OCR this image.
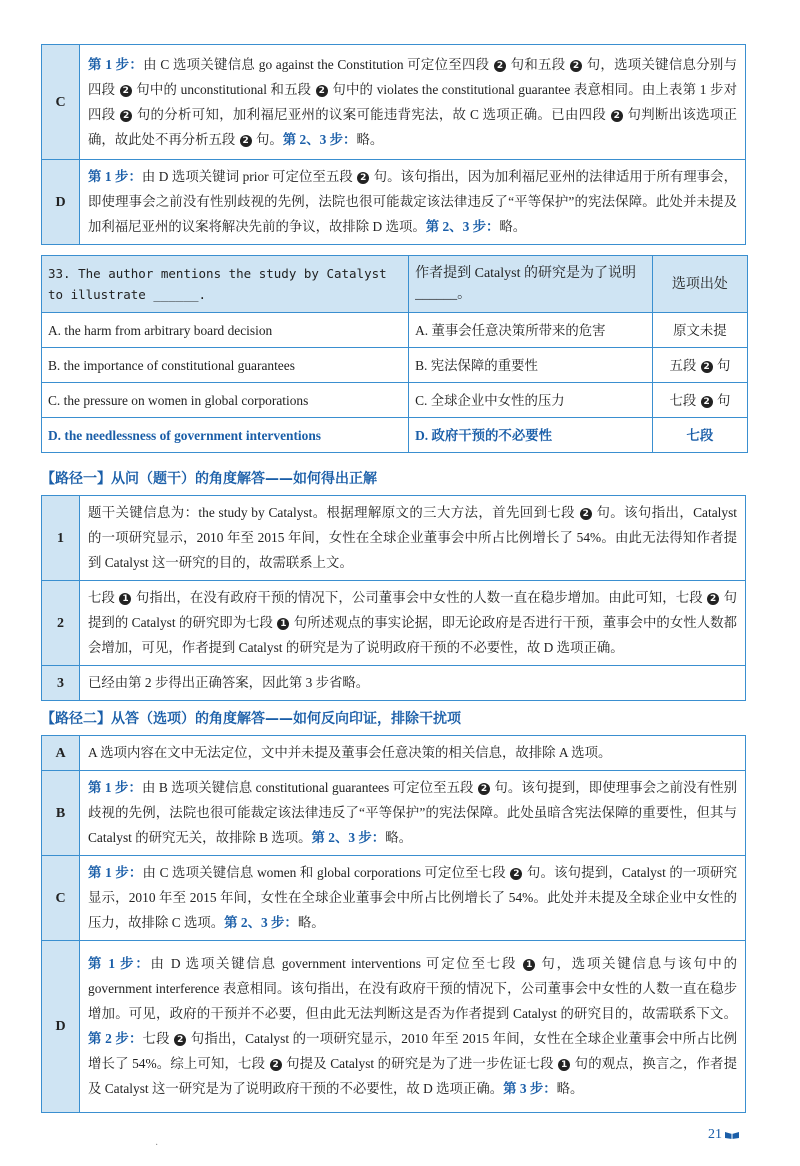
C	第 1 步：由 C 选项关键信息 go against the Constitution 可定位至四段 2 句和五段 2 句，选项关键信息分别与四段 2 句中的 unconstitutional 和五段 2 句中的 violates the constitutional guarantee 表意相同。由上表第 1 步对四段 2 句的分析可知，加利福尼亚州的议案可能违背宪法，故 C 选项正确。已由四段 2 句判断出该选项正确，故此处不再分析五段 2 句。第 2、3 步：略。
D	第 1 步：由 D 选项关键词 prior 可定位至五段 2 句。该句指出，因为加利福尼亚州的法律适用于所有理事会，即使理事会之前没有性别歧视的先例，法院也很可能裁定该法律违反了“平等保护”的宪法保障。此处并未提及加利福尼亚州的议案将解决先前的争议，故排除 D 选项。第 2、3 步：略。
33. The author mentions the study by Catalyst to illustrate ______.	作者提到 Catalyst 的研究是为了说明______。	选项出处
A. the harm from arbitrary board decision	A. 董事会任意决策所带来的危害	原文未提
B. the importance of constitutional guarantees	B. 宪法保障的重要性	五段 2 句
C. the pressure on women in global corporations	C. 全球企业中女性的压力	七段 2 句
D. the needlessness of government interventions	D. 政府干预的不必要性	七段
【路径一】从问（题干）的角度解答——如何得出正解
1	题干关键信息为：the study by Catalyst。根据理解原文的三大方法，首先回到七段 2 句。该句指出，Catalyst 的一项研究显示，2010 年至 2015 年间，女性在全球企业董事会中所占比例增长了 54%。由此无法得知作者提到 Catalyst 这一研究的目的，故需联系上文。
2	七段 1 句指出，在没有政府干预的情况下，公司董事会中女性的人数一直在稳步增加。由此可知，七段 2 句提到的 Catalyst 的研究即为七段 1 句所述观点的事实论据，即无论政府是否进行干预，董事会中的女性人数都会增加，可见，作者提到 Catalyst 的研究是为了说明政府干预的不必要性，故 D 选项正确。
3	已经由第 2 步得出正确答案，因此第 3 步省略。
【路径二】从答（选项）的角度解答——如何反向印证，排除干扰项
A	A 选项内容在文中无法定位，文中并未提及董事会任意决策的相关信息，故排除 A 选项。
B	第 1 步：由 B 选项关键信息 constitutional guarantees 可定位至五段 2 句。该句提到，即使理事会之前没有性别歧视的先例，法院也很可能裁定该法律违反了“平等保护”的宪法保障。此处虽暗含宪法保障的重要性，但其与 Catalyst 的研究无关，故排除 B 选项。第 2、3 步：略。
C	第 1 步：由 C 选项关键信息 women 和 global corporations 可定位至七段 2 句。该句提到，Catalyst 的一项研究显示，2010 年至 2015 年间，女性在全球企业董事会中所占比例增长了 54%。此处并未提及全球企业中女性的压力，故排除 C 选项。第 2、3 步：略。
D	第 1 步：由 D 选项关键信息 government interventions 可定位至七段 1 句，选项关键信息与该句中的 government interference 表意相同。该句指出，在没有政府干预的情况下，公司董事会中女性的人数一直在稳步增加。可见，政府的干预并不必要，但由此无法判断这是否为作者提到 Catalyst 的研究目的，故需联系下文。第 2 步：七段 2 句指出，Catalyst 的一项研究显示，2010 年至 2015 年间，女性在全球企业董事会中所占比例增长了 54%。综上可知，七段 2 句提及 Catalyst 的研究是为了进一步佐证七段 1 句的观点，换言之，作者提及 Catalyst 这一研究是为了说明政府干预的不必要性，故 D 选项正确。第 3 步：略。
21
·
